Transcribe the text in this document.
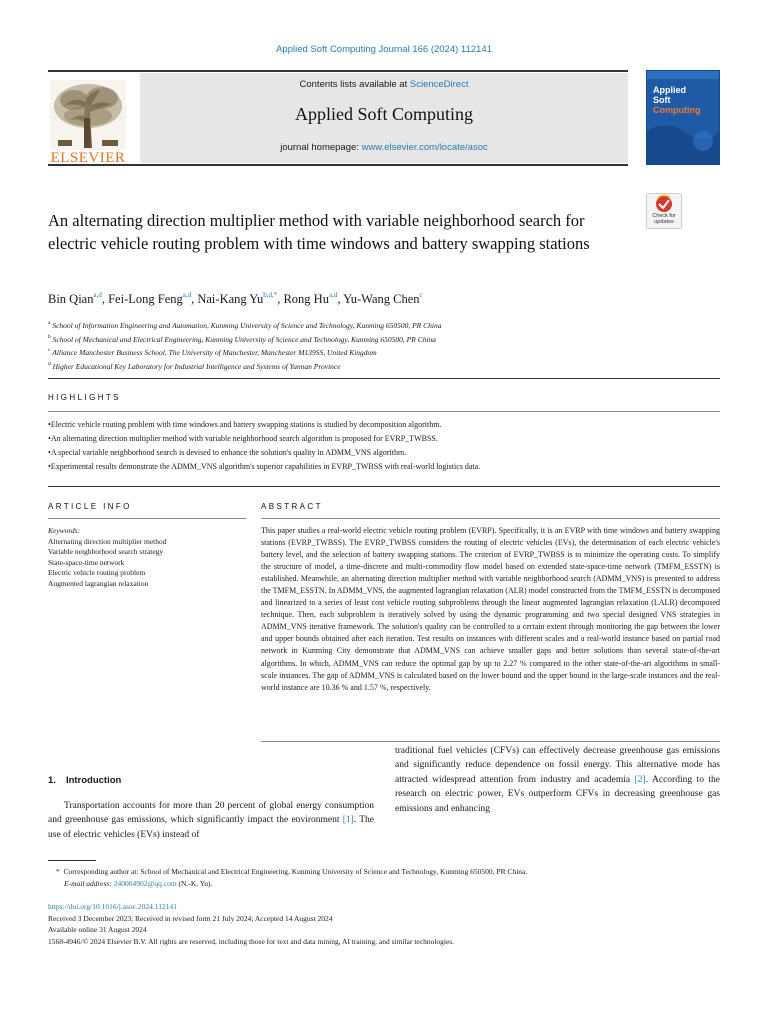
Applied Soft Computing Journal 166 (2024) 112141
ELSEVIER
Contents lists available at ScienceDirect
Applied Soft Computing
journal homepage: www.elsevier.com/locate/asoc
Applied
Soft
Computing
Check for updates
An alternating direction multiplier method with variable neighborhood search for electric vehicle routing problem with time windows and battery swapping stations
Bin Qian$^{a,d}$, Fei-Long Feng$^{a,d}$, Nai-Kang $Yu^{b,d,*}$, Rong Hu$^{a,d}$, Yu-Wang Chen$^c$
$^a$ School of Information Engineering and Automation, Kunming University of Science and Technology, Kunming 650500, PR China
$^b$ School of Mechanical and Electrical Engineering, Kunming University of Science and Technology, Kunming 650500, PR China
$^c$ Alliance Manchester Business School, The University of Manchester, Manchester M139SS, United Kingdom
$^d$ Higher Educational Key Laboratory for Industrial Intelligence and Systems of Yunnan Province
HIGHLIGHTS
• Electric vehicle routing problem with time windows and battery swapping stations is studied by decomposition algorithm.
• An alternating direction multiplier method with variable neighborhood search algorithm is proposed for EVRP_TWBSS.
• A special variable neighborhood search is devised to enhance the solution's quality in ADMM_VNS algorithm.
• Experimental results demonstrate the ADMM_VNS algorithm's superior capabilities in EVRP_TWBSS with real-world logistics data.
ARTICLE INFO	ABSTRACT
Keywords:
Alternating direction multiplier method
Variable neighborhood search strategy
State-space-time network
Electric vehicle routing problem
Augmented lagrangian relaxation

This paper studies a real-world electric vehicle routing problem (EVRP). Specifically, it is an EVRP with time windows and battery swapping stations (EVRP_TWBSS). The EVRP_TWBSS considers the routing of electric vehicles (EVs), the determination of each electric vehicle's battery level, and the selection of battery swapping stations. The criterion of EVRP_TWBSS is to minimize the operating costs. To simplify the structure of model, a time-discrete and multi-commodity flow model based on extended state-space-time network (TMFM_ESSTN) is established. Meanwhile, an alternating direction multiplier method with variable neighborhood search (ADMM_VNS) is presented to address the TMFM_ESSTN. In ADMM_VNS, the augmented lagrangian relaxation (ALR) model constructed from the TMFM_ESSTN is decomposed and linearized to a series of least cost vehicle routing subproblems through the linear augmented lagrangian relaxation (LALR) decomposed technique. Then, each subproblem is iteratively solved by using the dynamic programming and two special designed VNS strategies in ADMM_VNS iterative framework. The solution's quality can be controlled to a certain extent through monitoring the gap between the lower and upper bounds obtained after each iteration. Test results on instances with different scales and a real-world instance based on partial road network in Kunming City demonstrate that ADMM_VNS can achieve smaller gaps and better solutions than several state-of-the-art algorithms. In which, ADMM_VNS can reduce the optimal gap by up to 2.27 % compared to the other state-of-the-art algorithms in small-scale instances. The gap of ADMM_VNS is calculated based on the lower bound and the upper bound in the large-scale instances and the real-world instance are 10.36 % and 1.57 %, respectively.

1. Introduction

Transportation accounts for more than 20 percent of global energy consumption and greenhouse gas emissions, which significantly impact the environment [1]. The use of electric vehicles (EVs) instead of

traditional fuel vehicles (CFVs) can effectively decrease greenhouse gas emissions and significantly reduce dependence on fossil energy. This alternative mode has attracted widespread attention from industry and academia [2]. According to the research on electric power, EVs outperform CFVs in decreasing greenhouse gas emissions and enhancing

* Corresponding author at: School of Mechanical and Electrical Engineering, Kunming University of Science and Technology, Kunming 650500, PR China.
E-mail address: 240004902@qq.com (N.-K. Yu).
https://doi.org/10.1016/j.asoc.2024.112141
Received 3 December 2023; Received in revised form 21 July 2024; Accepted 14 August 2024
Available online 31 August 2024
1568-4946/© 2024 Elsevier B.V. All rights are reserved, including those for text and data mining, AI training, and similar technologies.
